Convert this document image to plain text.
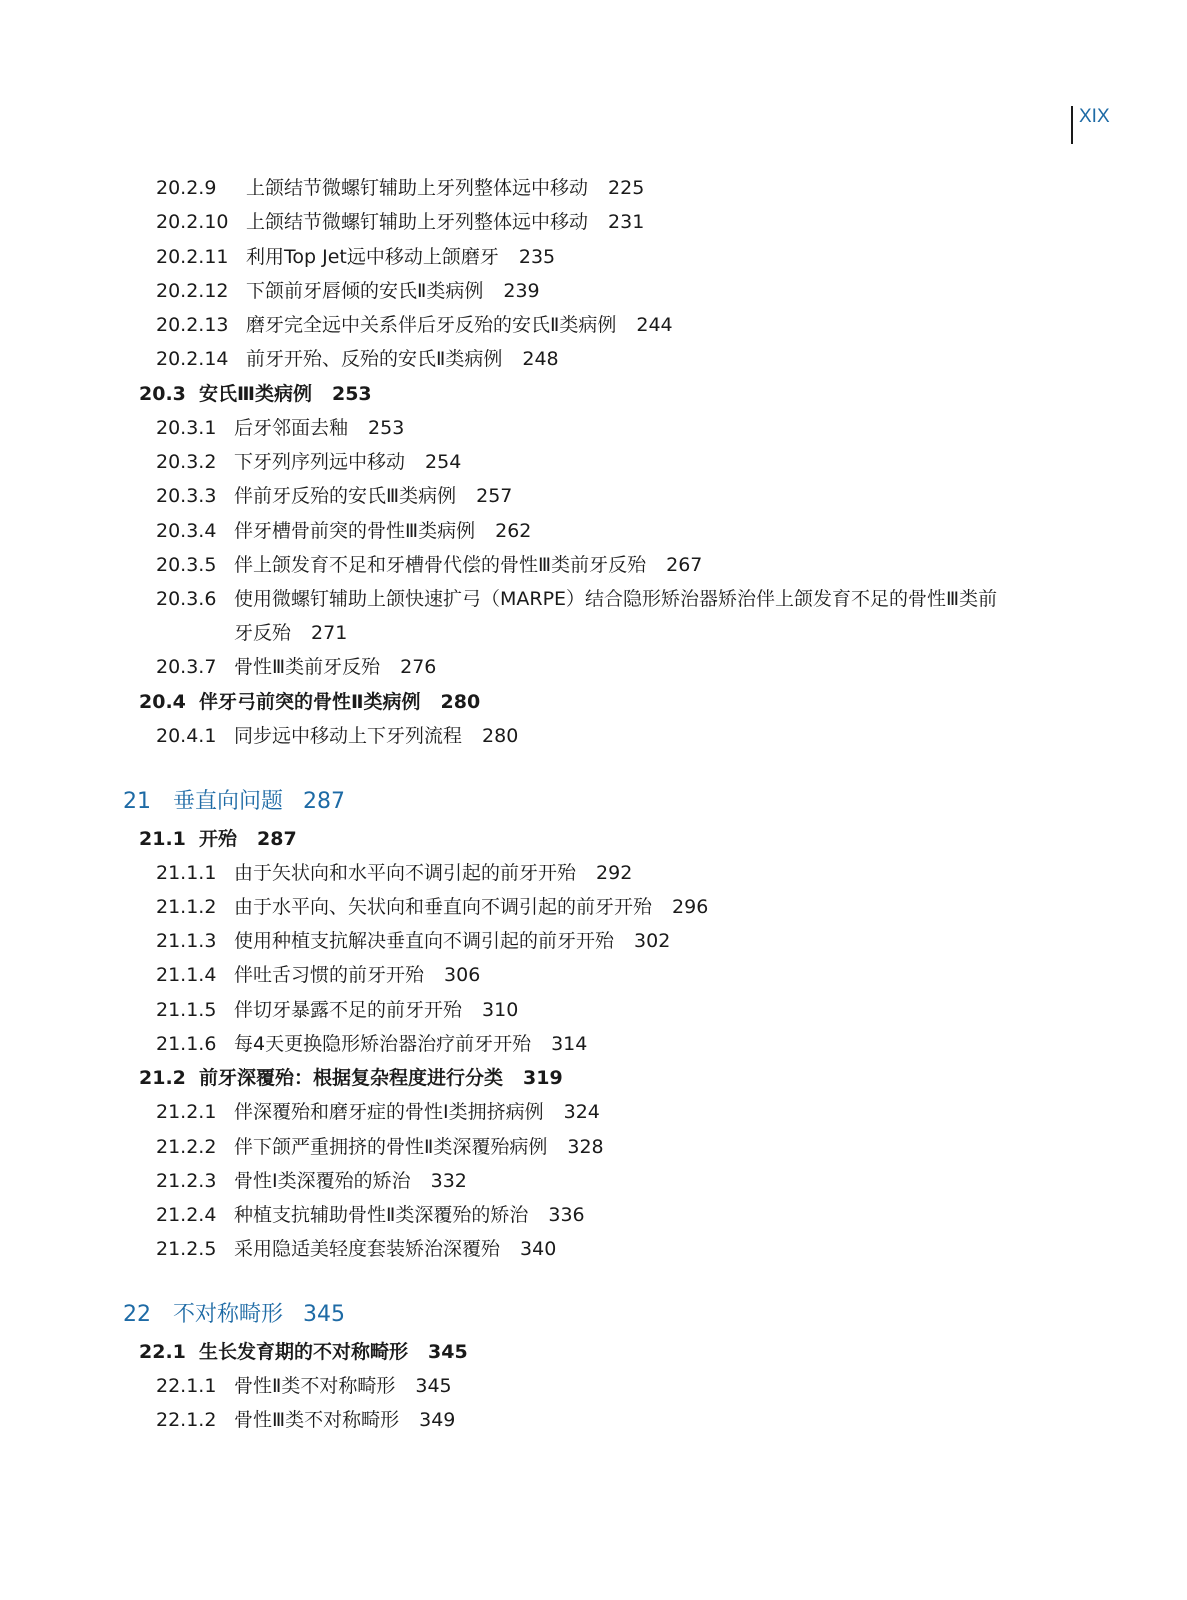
XIX
20.2.9 上颌结节微螺钉辅助上牙列整体远中移动 225
20.2.10 上颌结节微螺钉辅助上牙列整体远中移动 231
20.2.11 利用Top Jet远中移动上颌磨牙 235
20.2.12 下颌前牙唇倾的安氏Ⅱ类病例 239
20.2.13 磨牙完全远中关系伴后牙反殆的安氏Ⅱ类病例 244
20.2.14 前牙开殆、反殆的安氏Ⅱ类病例 248
20.3 安氏Ⅲ类病例 253
20.3.1 后牙邻面去釉 253
20.3.2 下牙列序列远中移动 254
20.3.3 伴前牙反殆的安氏Ⅲ类病例 257
20.3.4 伴牙槽骨前突的骨性Ⅲ类病例 262
20.3.5 伴上颌发育不足和牙槽骨代偿的骨性Ⅲ类前牙反殆 267
20.3.6 使用微螺钉辅助上颌快速扩弓（MARPE）结合隐形矫治器矫治伴上颌发育不足的骨性Ⅲ类前
牙反殆 271
20.3.7 骨性Ⅲ类前牙反殆 276
20.4 伴牙弓前突的骨性Ⅱ类病例 280
20.4.1 同步远中移动上下牙列流程 280
21 垂直向问题 287
21.1 开殆 287
21.1.1 由于矢状向和水平向不调引起的前牙开殆 292
21.1.2 由于水平向、矢状向和垂直向不调引起的前牙开殆 296
21.1.3 使用种植支抗解决垂直向不调引起的前牙开殆 302
21.1.4 伴吐舌习惯的前牙开殆 306
21.1.5 伴切牙暴露不足的前牙开殆 310
21.1.6 每4天更换隐形矫治器治疗前牙开殆 314
21.2 前牙深覆殆：根据复杂程度进行分类 319
21.2.1 伴深覆殆和磨牙症的骨性Ⅰ类拥挤病例 324
21.2.2 伴下颌严重拥挤的骨性Ⅱ类深覆殆病例 328
21.2.3 骨性Ⅰ类深覆殆的矫治 332
21.2.4 种植支抗辅助骨性Ⅱ类深覆殆的矫治 336
21.2.5 采用隐适美轻度套装矫治深覆殆 340
22 不对称畸形 345
22.1 生长发育期的不对称畸形 345
22.1.1 骨性Ⅱ类不对称畸形 345
22.1.2 骨性Ⅲ类不对称畸形 349
